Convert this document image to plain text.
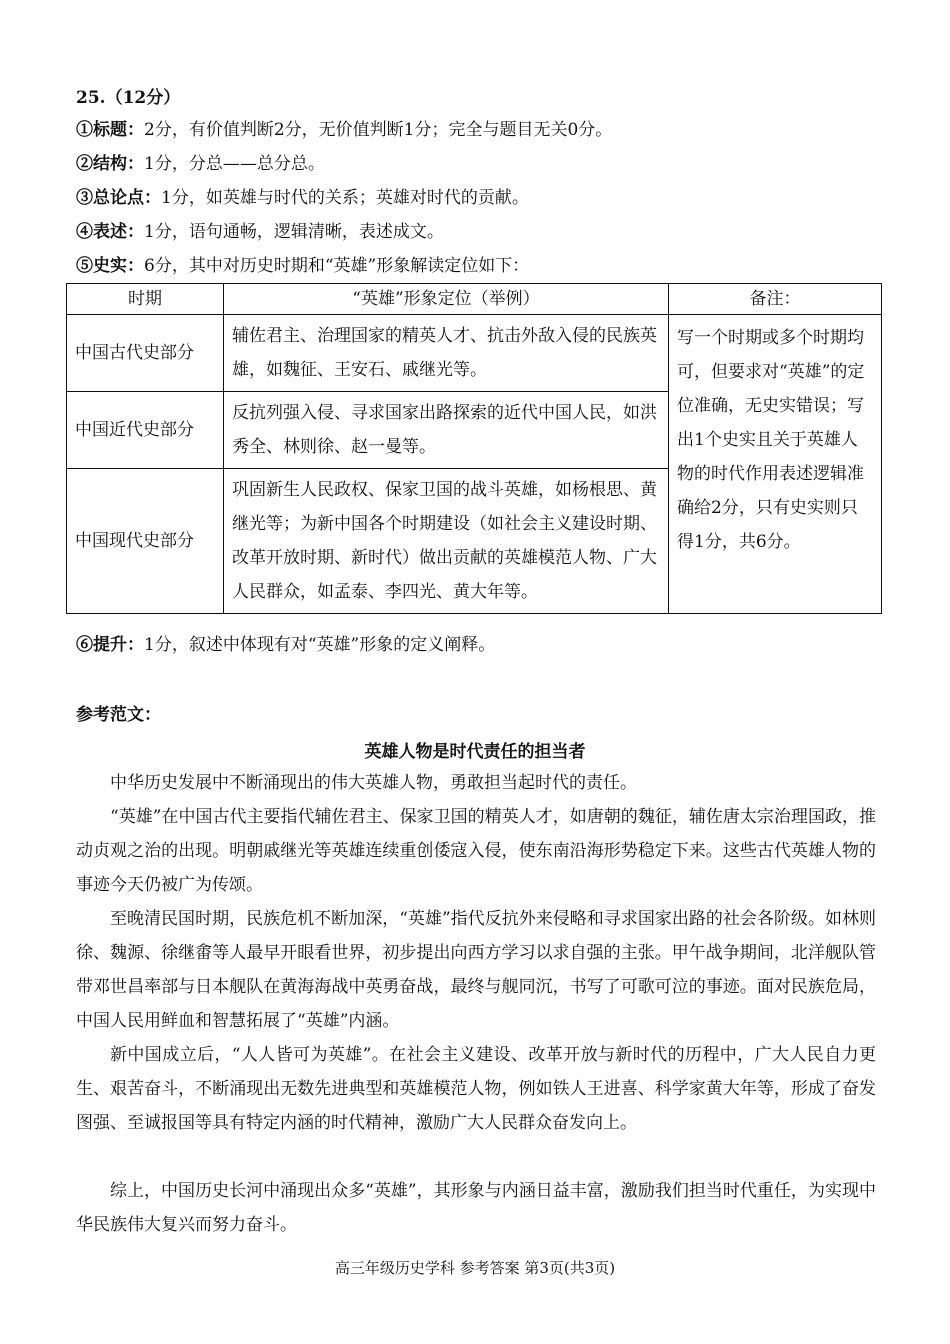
25.（12分）
①标题：2分，有价值判断2分，无价值判断1分；完全与题目无关0分。
②结构：1分，分总——总分总。
③总论点：1分，如英雄与时代的关系；英雄对时代的贡献。
④表述：1分，语句通畅，逻辑清晰，表述成文。
⑤史实：6分，其中对历史时期和“英雄”形象解读定位如下：
时期	“英雄”形象定位（举例）	备注：
中国古代史部分	辅佐君主、治理国家的精英人才、抗击外敌入侵的民族英雄，如魏征、王安石、戚继光等。	写一个时期或多个时期均可，但要求对“英雄”的定位准确，无史实错误；写出1个史实且关于英雄人物的时代作用表述逻辑准确给2分，只有史实则只得1分，共6分。
中国近代史部分	反抗列强入侵、寻求国家出路探索的近代中国人民，如洪秀全、林则徐、赵一曼等。	
中国现代史部分	巩固新生人民政权、保家卫国的战斗英雄，如杨根思、黄继光等；为新中国各个时期建设（如社会主义建设时期、改革开放时期、新时代）做出贡献的英雄模范人物、广大人民群众，如孟泰、李四光、黄大年等。	
⑥提升：1分，叙述中体现有对“英雄”形象的定义阐释。
参考范文：
英雄人物是时代责任的担当者
中华历史发展中不断涌现出的伟大英雄人物，勇敢担当起时代的责任。
“英雄”在中国古代主要指代辅佐君主、保家卫国的精英人才，如唐朝的魏征，辅佐唐太宗治理国政，推动贞观之治的出现。明朝戚继光等英雄连续重创倭寇入侵，使东南沿海形势稳定下来。这些古代英雄人物的事迹今天仍被广为传颂。
至晚清民国时期，民族危机不断加深，“英雄”指代反抗外来侵略和寻求国家出路的社会各阶级。如林则徐、魏源、徐继畬等人最早开眼看世界，初步提出向西方学习以求自强的主张。甲午战争期间，北洋舰队管带邓世昌率部与日本舰队在黄海海战中英勇奋战，最终与舰同沉，书写了可歌可泣的事迹。面对民族危局，中国人民用鲜血和智慧拓展了“英雄”内涵。
新中国成立后，“人人皆可为英雄”。在社会主义建设、改革开放与新时代的历程中，广大人民自力更生、艰苦奋斗，不断涌现出无数先进典型和英雄模范人物，例如铁人王进喜、科学家黄大年等，形成了奋发图强、至诚报国等具有特定内涵的时代精神，激励广大人民群众奋发向上。
综上，中国历史长河中涌现出众多“英雄”，其形象与内涵日益丰富，激励我们担当时代重任，为实现中华民族伟大复兴而努力奋斗。
高三年级历史学科 参考答案 第3页(共3页)
